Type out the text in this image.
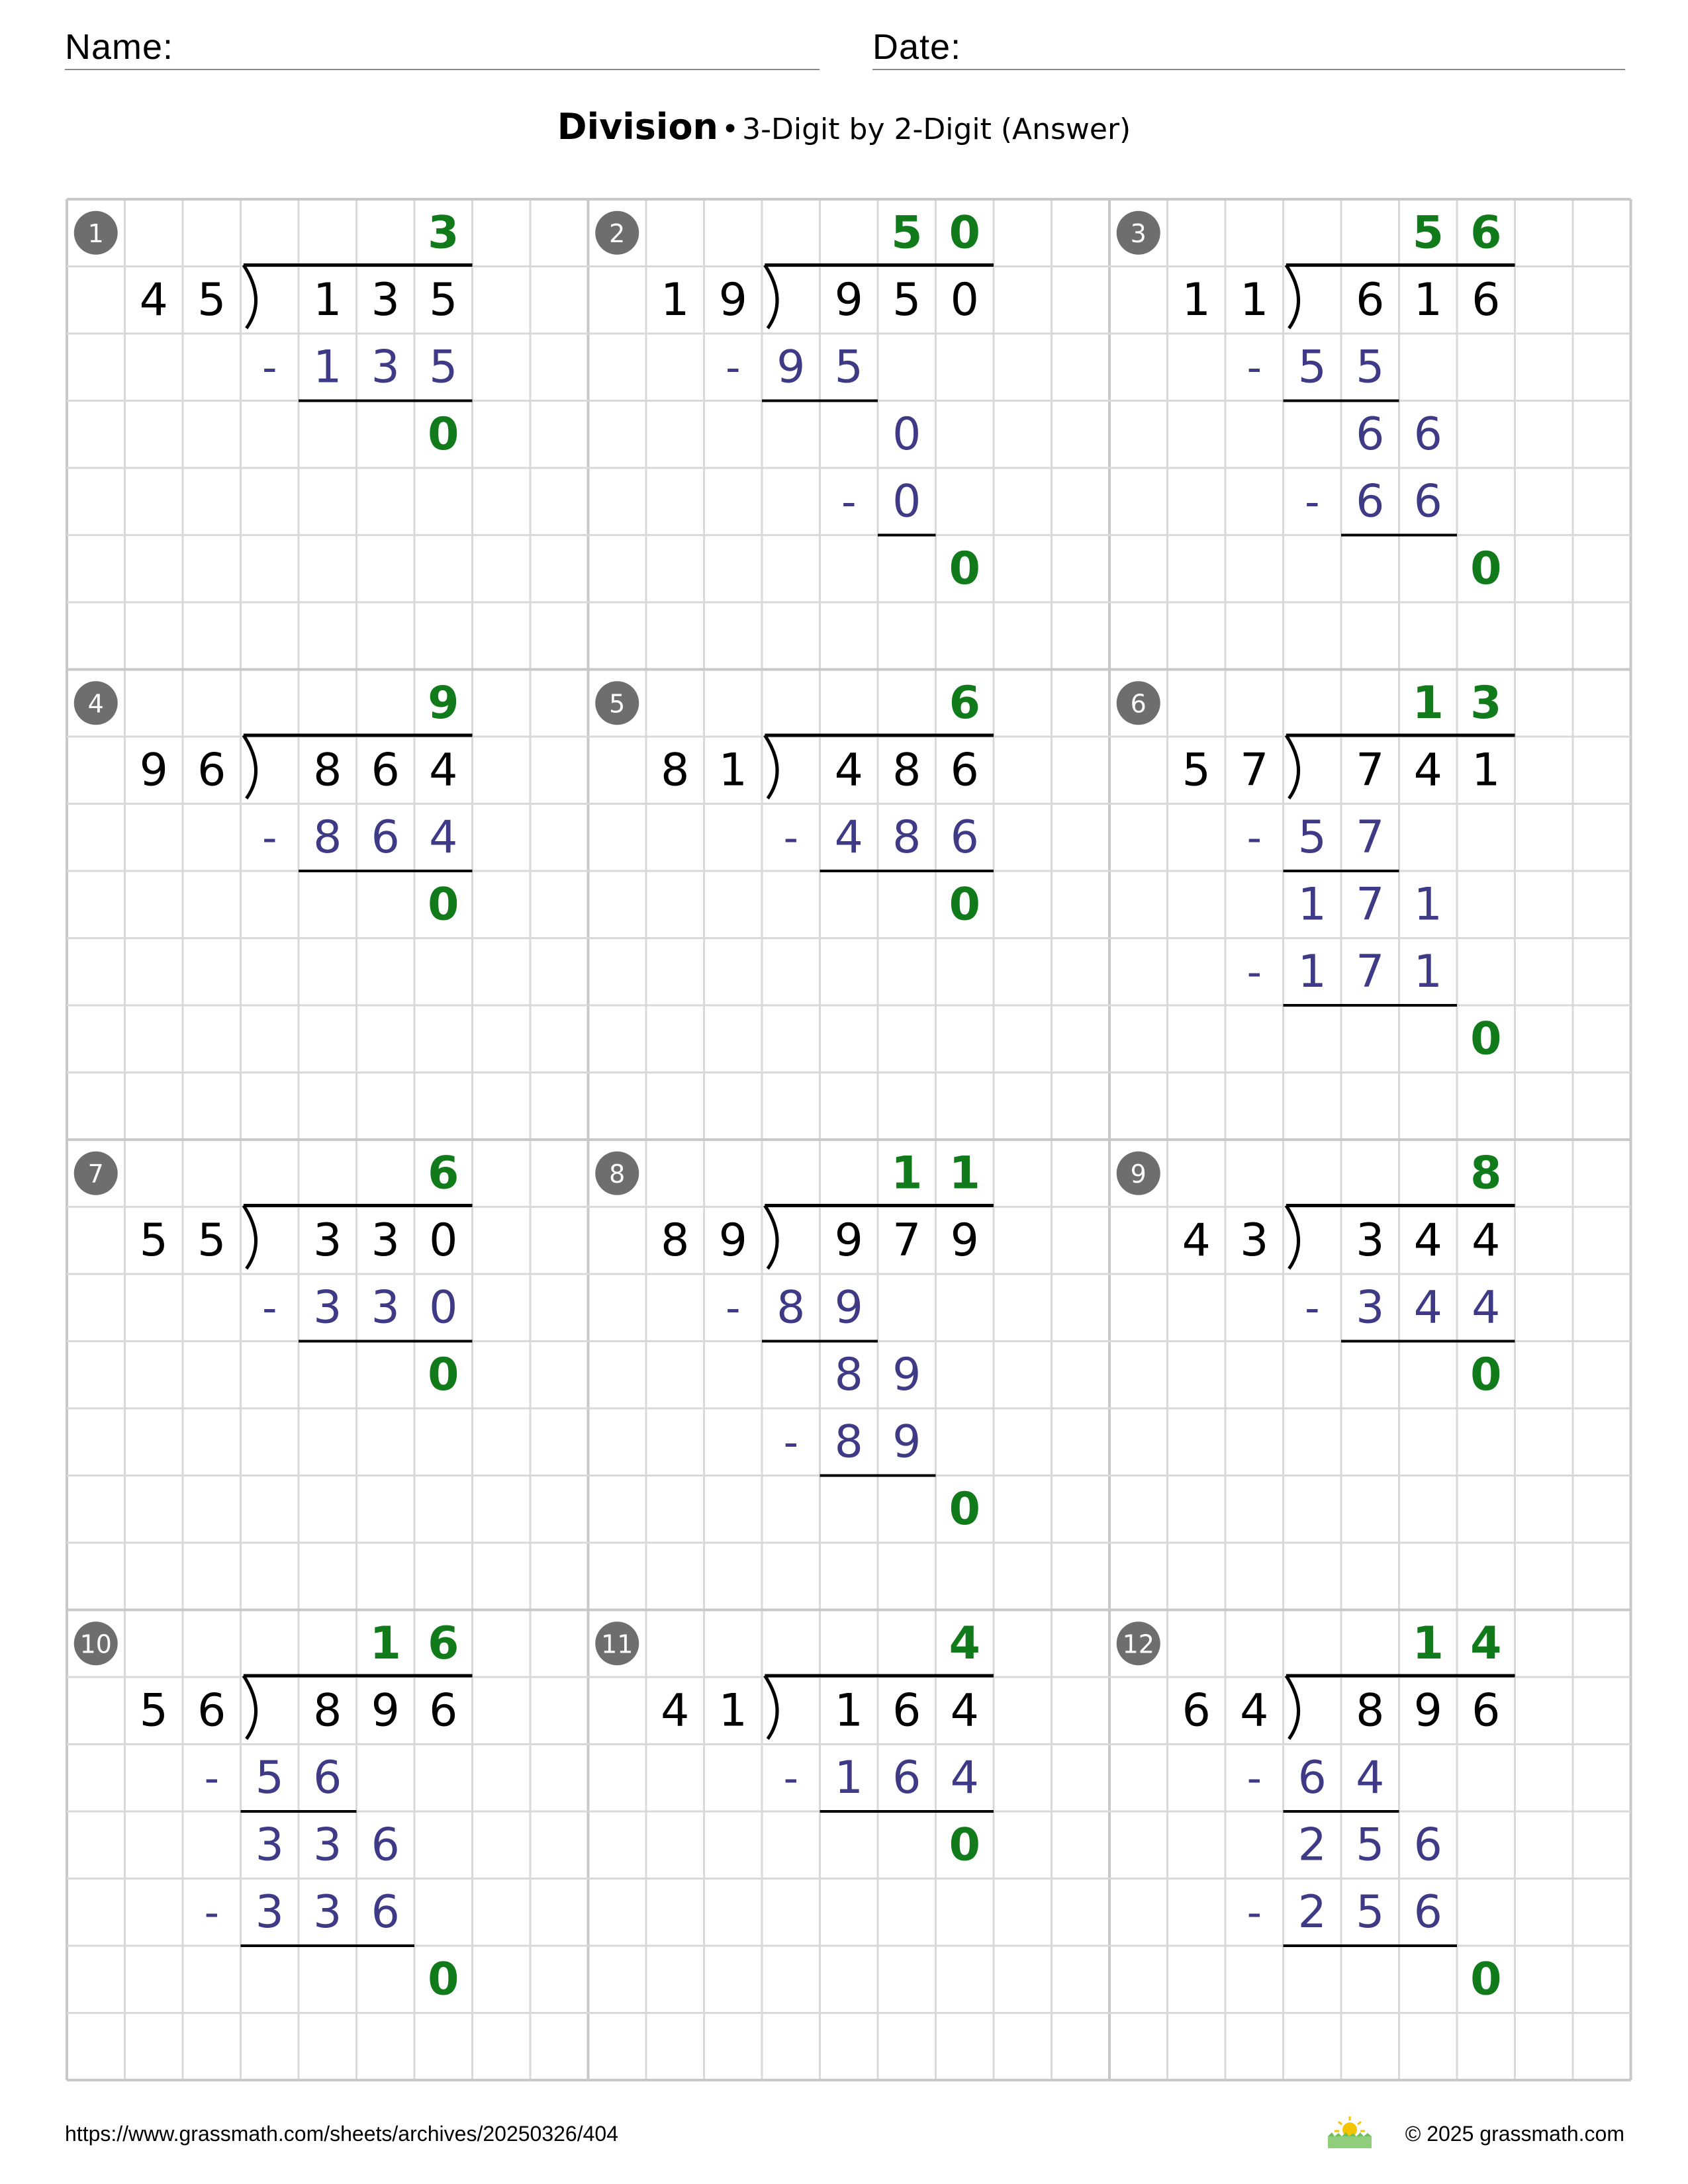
Name:	Date:
Division • 3-Digit by 2-Digit (Answer)
1
4 5 1 3 5
3
- 1 3 5
0
2
1 9 9 5 0
5 0
- 9 5
0
- 0
0
3
1 1 6 1 6
5 6
- 5 5
6 6
- 6 6
0
4
9 6 8 6 4
9
- 8 6 4
0
5
8 1 4 8 6
6
- 4 8 6
0
6
5 7 7 4 1
1 3
- 5 7
1 7 1
- 1 7 1
0
7
5 5 3 3 0
6
- 3 3 0
0
8
8 9 9 7 9
1 1
- 8 9
8 9
- 8 9
0
9
4 3 3 4 4
8
- 3 4 4
0
10
5 6 8 9 6
1 6
- 5 6
3 3 6
- 3 3 6
0
11
4 1 1 6 4
4
- 1 6 4
0
12
6 4 8 9 6
1 4
- 6 4
2 5 6
- 2 5 6
0
https://www.grassmath.com/sheets/archives/20250326/404	© 2025 grassmath.com
